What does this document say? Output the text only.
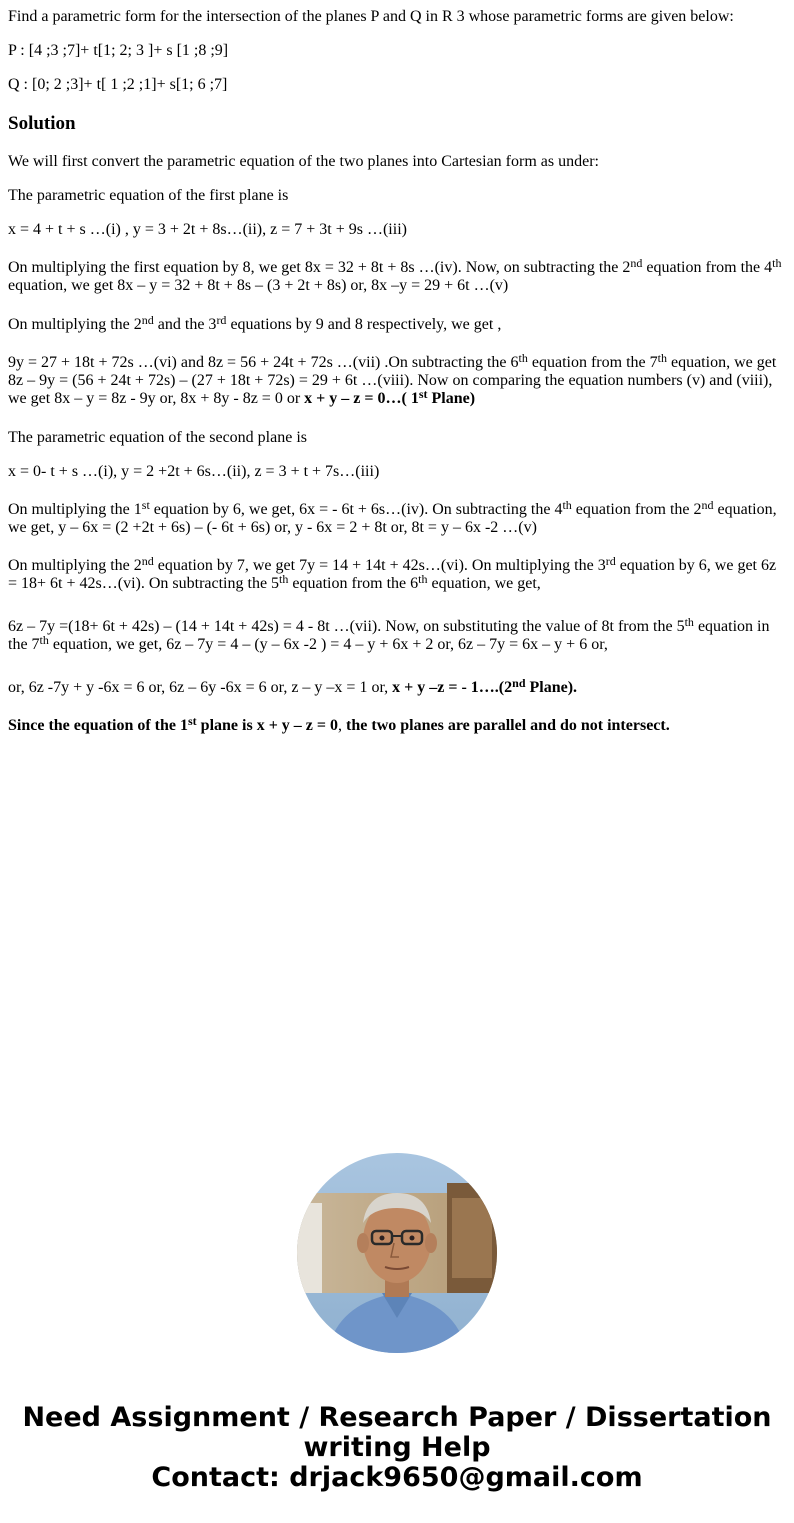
Find a parametric form for the intersection of the planes P and Q in R 3 whose parametric forms are given below:

P : [4 ;3 ;7]+ t[1; 2; 3 ]+ s [1 ;8 ;9]

Q : [0; 2 ;3]+ t[ 1 ;2 ;1]+ s[1; 6 ;7]

Solution

We will first convert the parametric equation of the two planes into Cartesian form as under:

The parametric equation of the first plane is

x = 4 + t + s …(i) , y = 3 + 2t + 8s…(ii), z = 7 + 3t + 9s …(iii)

On multiplying the first equation by 8, we get 8x = 32 + 8t + 8s …(iv). Now, on subtracting the 2nd equation from the 4th equation, we get 8x – y = 32 + 8t + 8s – (3 + 2t + 8s) or, 8x –y = 29 + 6t …(v)

On multiplying the 2nd and the 3rd equations by 9 and 8 respectively, we get ,

9y = 27 + 18t + 72s …(vi) and 8z = 56 + 24t + 72s …(vii) .On subtracting the 6th equation from the 7th equation, we get 8z – 9y = (56 + 24t + 72s) – (27 + 18t + 72s) = 29 + 6t …(viii). Now on comparing the equation numbers (v) and (viii), we get 8x – y = 8z - 9y or, 8x + 8y - 8z = 0 or x + y – z = 0…( 1st Plane)

The parametric equation of the second plane is

x = 0- t + s …(i), y = 2 +2t + 6s…(ii), z = 3 + t + 7s…(iii)

On multiplying the 1st equation by 6, we get, 6x = - 6t + 6s…(iv). On subtracting the 4th equation from the 2nd equation, we get, y – 6x = (2 +2t + 6s) – (- 6t + 6s) or, y - 6x = 2 + 8t or, 8t = y – 6x -2 …(v)

On multiplying the 2nd equation by 7, we get 7y = 14 + 14t + 42s…(vi). On multiplying the 3rd equation by 6, we get 6z = 18+ 6t + 42s…(vi). On subtracting the 5th equation from the 6th equation, we get,

6z – 7y =(18+ 6t + 42s) – (14 + 14t + 42s) = 4 - 8t …(vii). Now, on substituting the value of 8t from the 5th equation in the 7th equation, we get, 6z – 7y = 4 – (y – 6x -2 ) = 4 – y + 6x + 2 or, 6z – 7y = 6x – y + 6 or,

or, 6z -7y + y -6x = 6 or, 6z – 6y -6x = 6 or, z – y –x = 1 or, x + y –z = - 1….(2nd Plane).

Since the equation of the 1st plane is x + y – z = 0, the two planes are parallel and do not intersect.

Need Assignment / Research Paper / Dissertation writing Help
Contact: drjack9650@gmail.com
